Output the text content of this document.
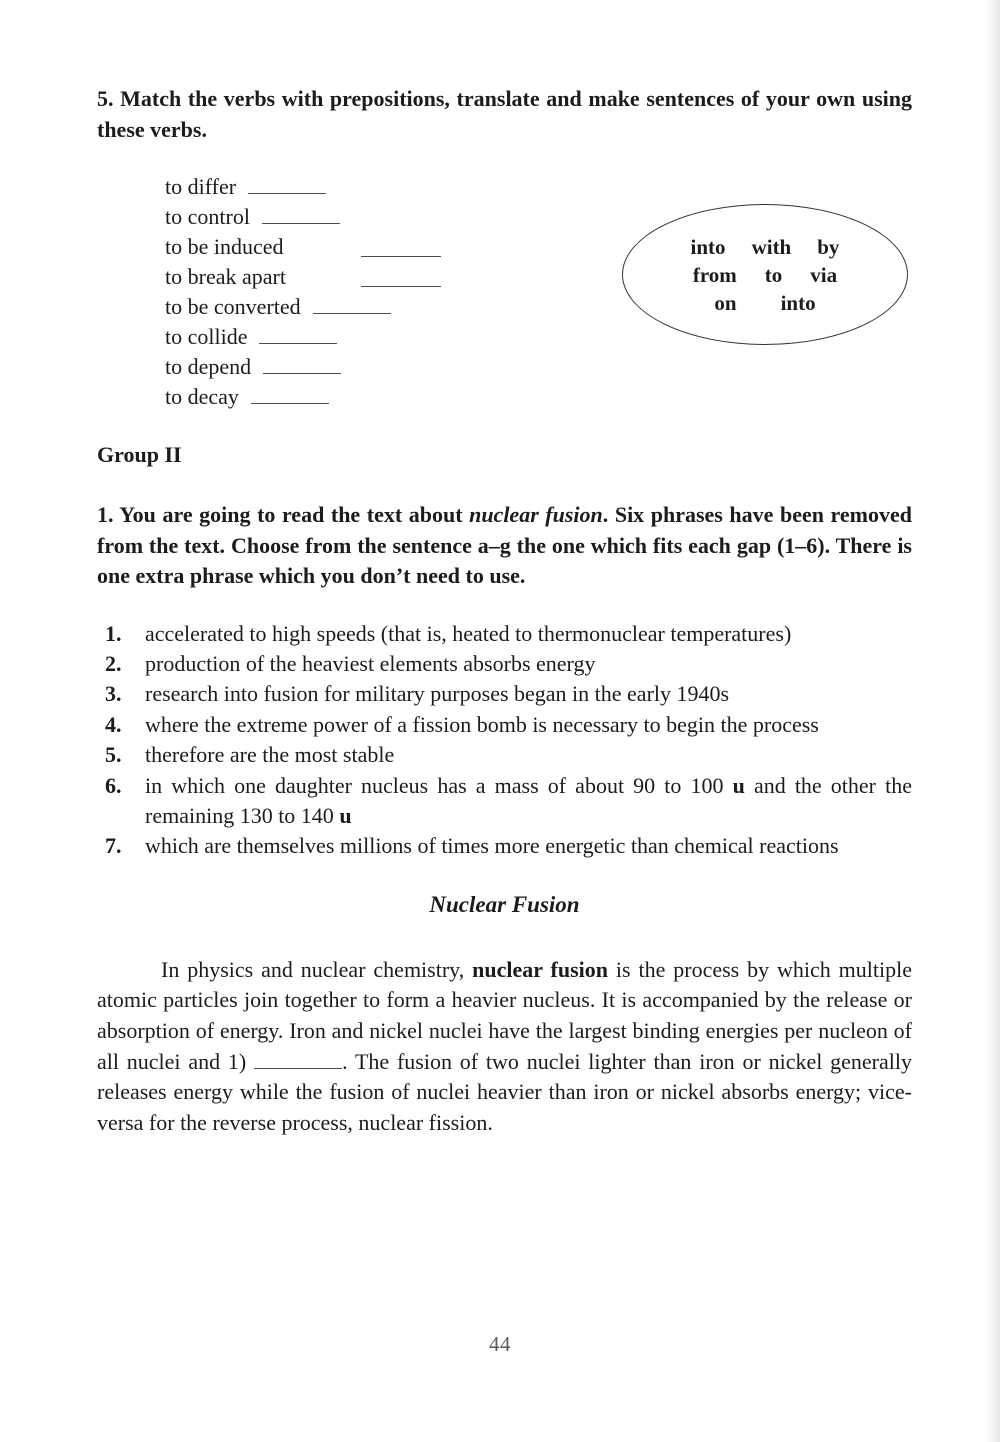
5. Match the verbs with prepositions, translate and make sentences of your own using these verbs.

to differ
to control
to be induced
to break apart
to be converted
to collide
to depend
to decay

Group II

1. You are going to read the text about nuclear fusion. Six phrases have been removed from the text. Choose from the sentence a–g the one which fits each gap (1–6). There is one extra phrase which you don’t need to use.

1.	accelerated to high speeds (that is, heated to thermonuclear temperatures)
2.	production of the heaviest elements absorbs energy
3.	research into fusion for military purposes began in the early 1940s
4.	where the extreme power of a fission bomb is necessary to begin the process
5.	therefore are the most stable
6.	in which one daughter nucleus has a mass of about 90 to 100 u and the other the remaining 130 to 140 u
7.	which are themselves millions of times more energetic than chemical reactions

Nuclear Fusion

In physics and nuclear chemistry, nuclear fusion is the process by which multiple atomic particles join together to form a heavier nucleus. It is accompanied by the release or absorption of energy. Iron and nickel nuclei have the largest binding energies per nucleon of all nuclei and 1)	. The fusion of two nuclei lighter than iron or nickel generally releases energy while the fusion of nuclei heavier than iron or nickel absorbs energy; vice-versa for the reverse process, nuclear fission.

into with by
from to via
on into
44
